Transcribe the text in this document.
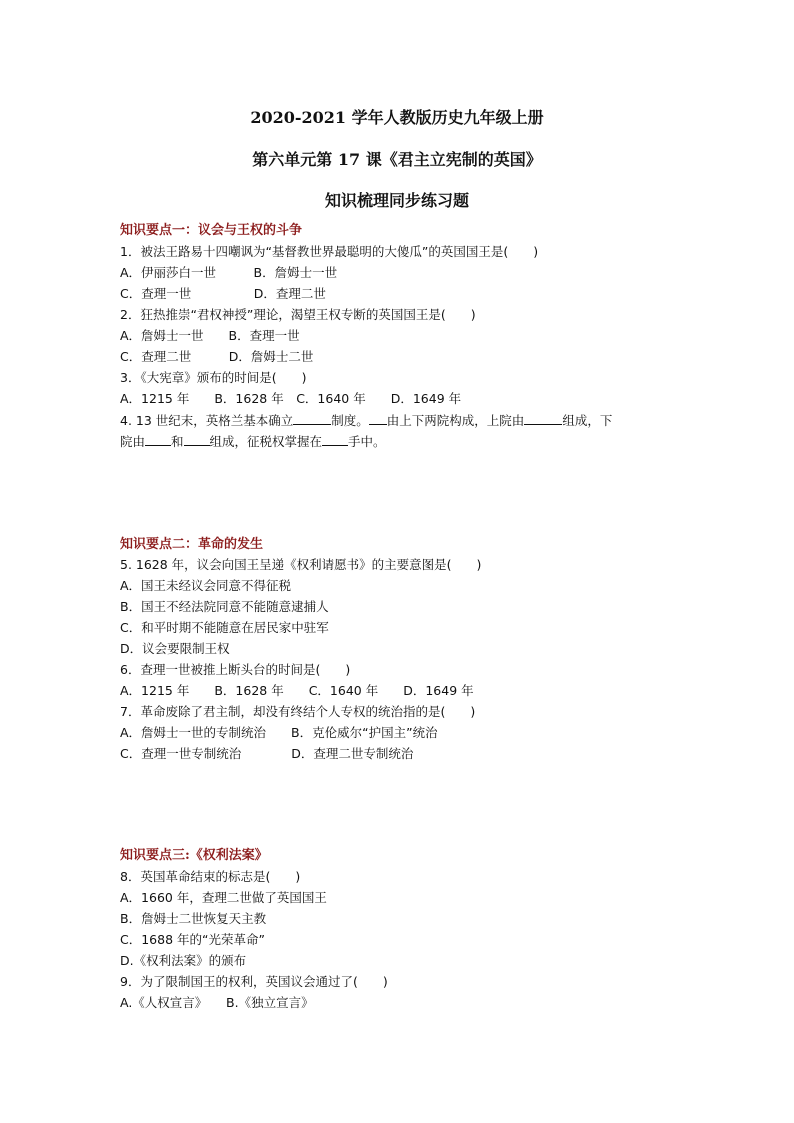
2020-2021 学年人教版历史九年级上册
第六单元第 17 课《君主立宪制的英国》
知识梳理同步练习题
知识要点一：议会与王权的斗争
1．被法王路易十四嘲讽为“基督教世界最聪明的大傻瓜”的英国国王是(　　)
A．伊丽莎白一世　　　B．詹姆士一世
C．查理一世　　　　　D．查理二世
2．狂热推崇“君权神授”理论，渴望王权专断的英国国王是(　　)
A．詹姆士一世　　B．查理一世
C．查理二世　　　D．詹姆士二世
3．《大宪章》颁布的时间是(　　)
A．1215 年　　B．1628 年　C．1640 年　　D．1649 年
4. 13 世纪末，英格兰基本确立	制度。 由上下两院构成，上院由	组成，下
院由 和 组成，征税权掌握在 手中。
知识要点二：革命的发生
5. 1628 年，议会向国王呈递《权利请愿书》的主要意图是(　　)
A．国王未经议会同意不得征税
B．国王不经法院同意不能随意逮捕人
C．和平时期不能随意在居民家中驻军
D．议会要限制王权
6．查理一世被推上断头台的时间是(　　)
A．1215 年　　B．1628 年　　C．1640 年　　D．1649 年
7．革命废除了君主制，却没有终结个人专权的统治指的是(　　)
A．詹姆士一世的专制统治　　B．克伦威尔“护国主”统治
C．查理一世专制统治　　　　D．查理二世专制统治
知识要点三:《权利法案》
8．英国革命结束的标志是(　　)
A．1660 年，查理二世做了英国国王
B．詹姆士二世恢复天主教
C．1688 年的“光荣革命”
D.《权利法案》的颁布
9．为了限制国王的权利，英国议会通过了(　　)
A.《人权宣言》　　B.《独立宣言》
